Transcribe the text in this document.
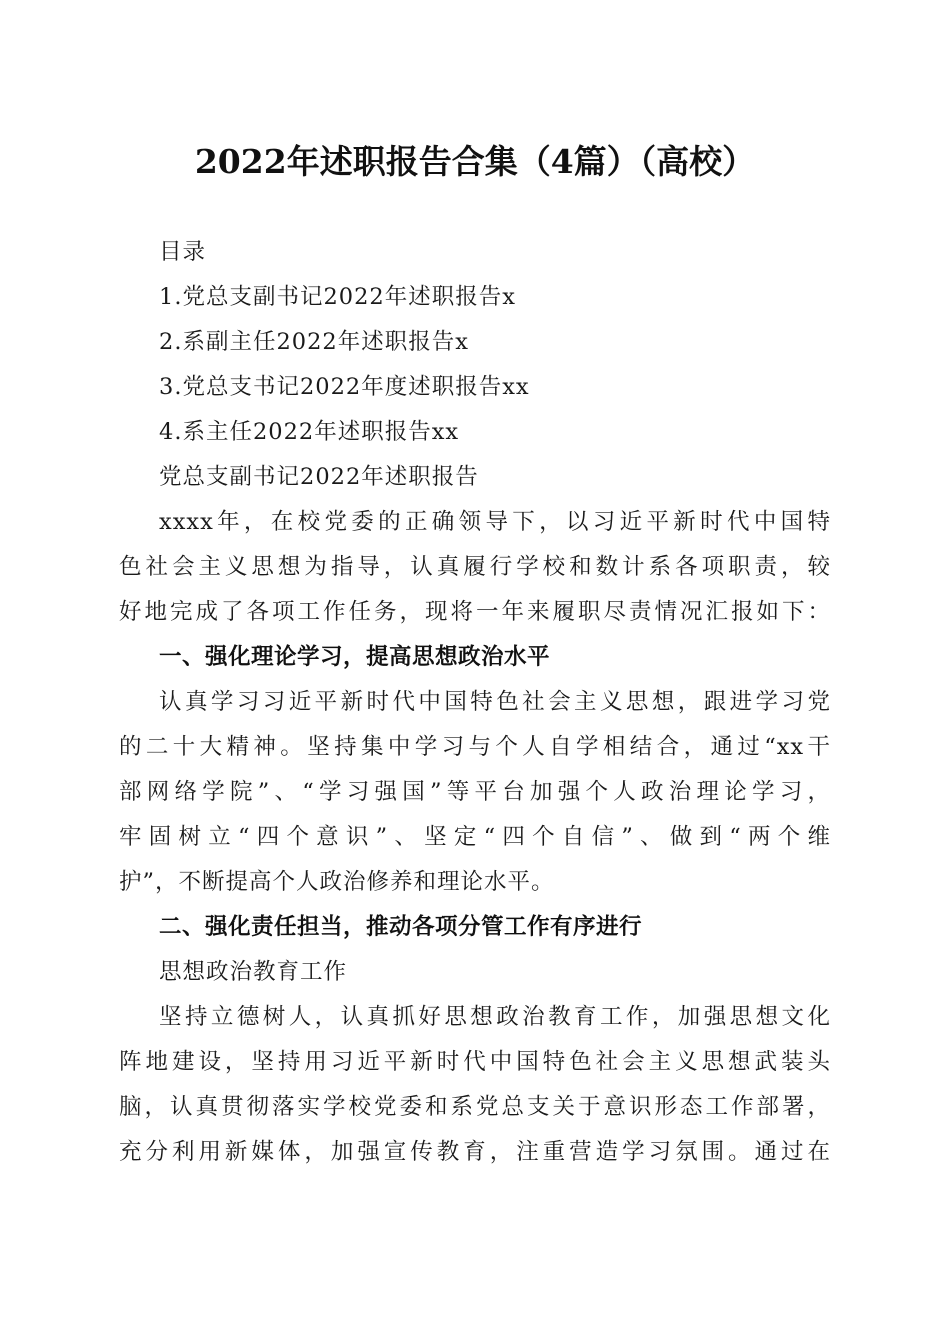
2022年述职报告合集（4篇）（高校）
目录
1.党总支副书记2022年述职报告x
2.系副主任2022年述职报告x
3.党总支书记2022年度述职报告xx
4.系主任2022年述职报告xx
党总支副书记2022年述职报告
xxxx年，在校党委的正确领导下，以习近平新时代中国特
色社会主义思想为指导，认真履行学校和数计系各项职责，较
好地完成了各项工作任务，现将一年来履职尽责情况汇报如下：
一、强化理论学习，提高思想政治水平
认真学习习近平新时代中国特色社会主义思想，跟进学习党
的二十大精神。坚持集中学习与个人自学相结合，通过“xx干
部网络学院”、“学习强国”等平台加强个人政治理论学习，
牢固树立“四个意识”、坚定“四个自信”、做到“两个维
护”，不断提高个人政治修养和理论水平。
二、强化责任担当，推动各项分管工作有序进行
思想政治教育工作
坚持立德树人，认真抓好思想政治教育工作，加强思想文化
阵地建设，坚持用习近平新时代中国特色社会主义思想武装头
脑，认真贯彻落实学校党委和系党总支关于意识形态工作部署，
充分利用新媒体，加强宣传教育，注重营造学习氛围。通过在
